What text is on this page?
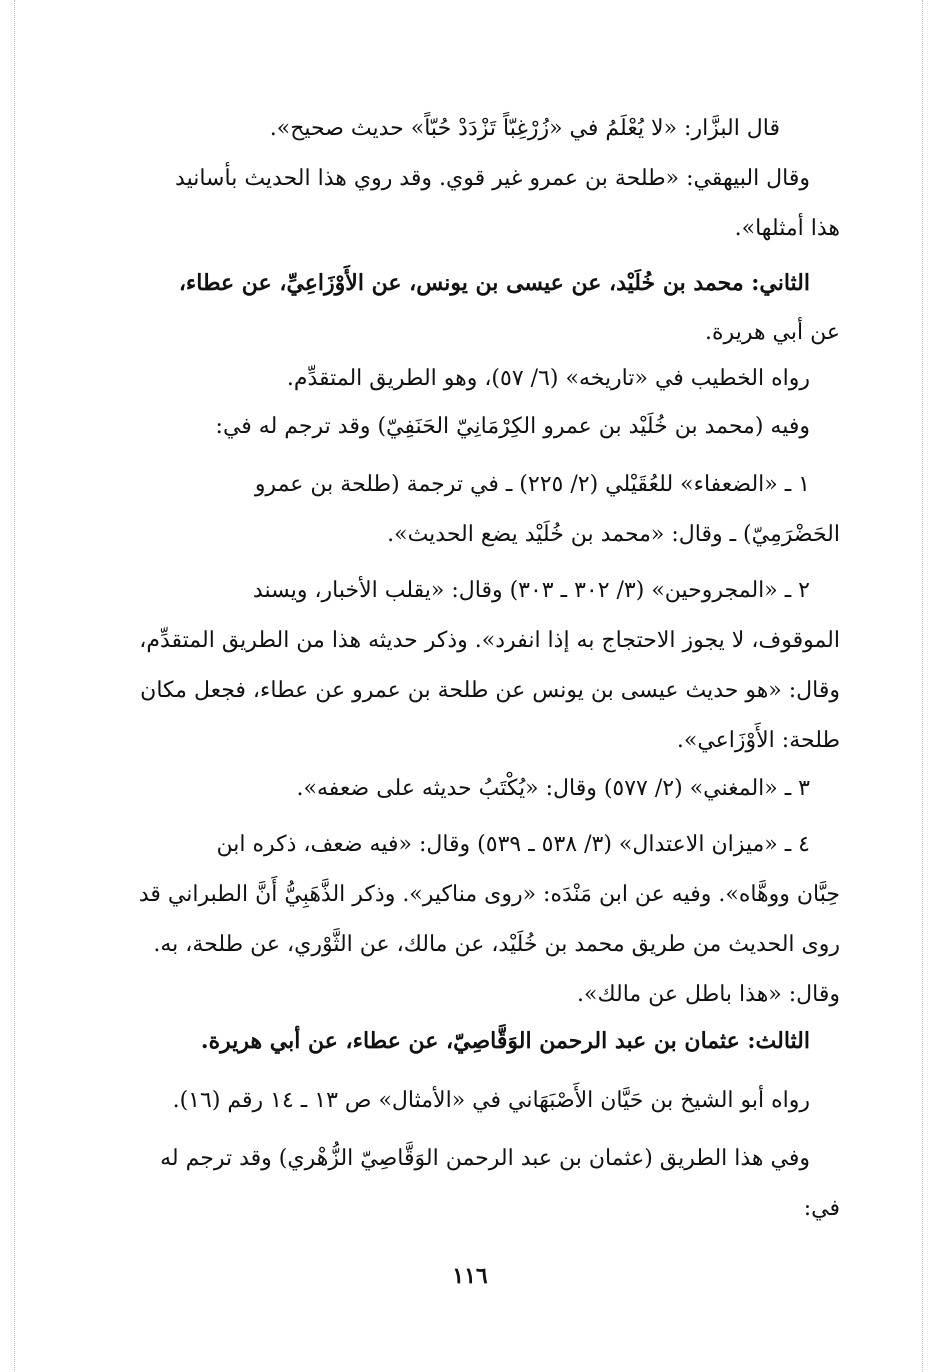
قال البزَّار: «لا يُعْلَمُ في «زُرْغِبّاً تَزْدَدْ حُبّاً» حديث صحيح».
وقال البيهقي: «طلحة بن عمرو غير قوي. وقد روي هذا الحديث بأسانيد
هذا أمثلها».
الثاني: محمد بن خُلَيْد، عن عيسى بن يونس، عن الأَوْزَاعِيِّ، عن عطاء،
عن أبي هريرة.
رواه الخطيب في «تاريخه» (٦/ ٥٧)، وهو الطريق المتقدِّم.
وفيه (محمد بن خُلَيْد بن عمرو الكِرْمَانِيّ الحَنَفِيّ) وقد ترجم له في:
١ ـ «الضعفاء» للعُقَيْلي (٢/ ٢٢٥) ـ في ترجمة (طلحة بن عمرو
الحَضْرَمِيّ) ـ وقال: «محمد بن خُلَيْد يضع الحديث».
٢ ـ «المجروحين» (٣/ ٣٠٢ ـ ٣٠٣) وقال: «يقلب الأخبار، ويسند
الموقوف، لا يجوز الاحتجاج به إذا انفرد». وذكر حديثه هذا من الطريق المتقدِّم،
وقال: «هو حديث عيسى بن يونس عن طلحة بن عمرو عن عطاء، فجعل مكان
طلحة: الأَوْزَاعي».
٣ ـ «المغني» (٢/ ٥٧٧) وقال: «يُكْتَبُ حديثه على ضعفه».
٤ ـ «ميزان الاعتدال» (٣/ ٥٣٨ ـ ٥٣٩) وقال: «فيه ضعف، ذكره ابن
حِبَّان ووهَّاه». وفيه عن ابن مَنْدَه: «روى مناكير». وذكر الذَّهَبِيُّ أَنَّ الطبراني قد
روى الحديث من طريق محمد بن خُلَيْد، عن مالك، عن الثَّوْري، عن طلحة، به.
وقال: «هذا باطل عن مالك».
الثالث: عثمان بن عبد الرحمن الوَقَّاصِيّ، عن عطاء، عن أبي هريرة.
رواه أبو الشيخ بن حَيَّان الأَصْبَهَاني في «الأمثال» ص ١٣ ـ ١٤ رقم (١٦).
وفي هذا الطريق (عثمان بن عبد الرحمن الوَقَّاصِيّ الزُّهْري) وقد ترجم له
في:
١١٦
